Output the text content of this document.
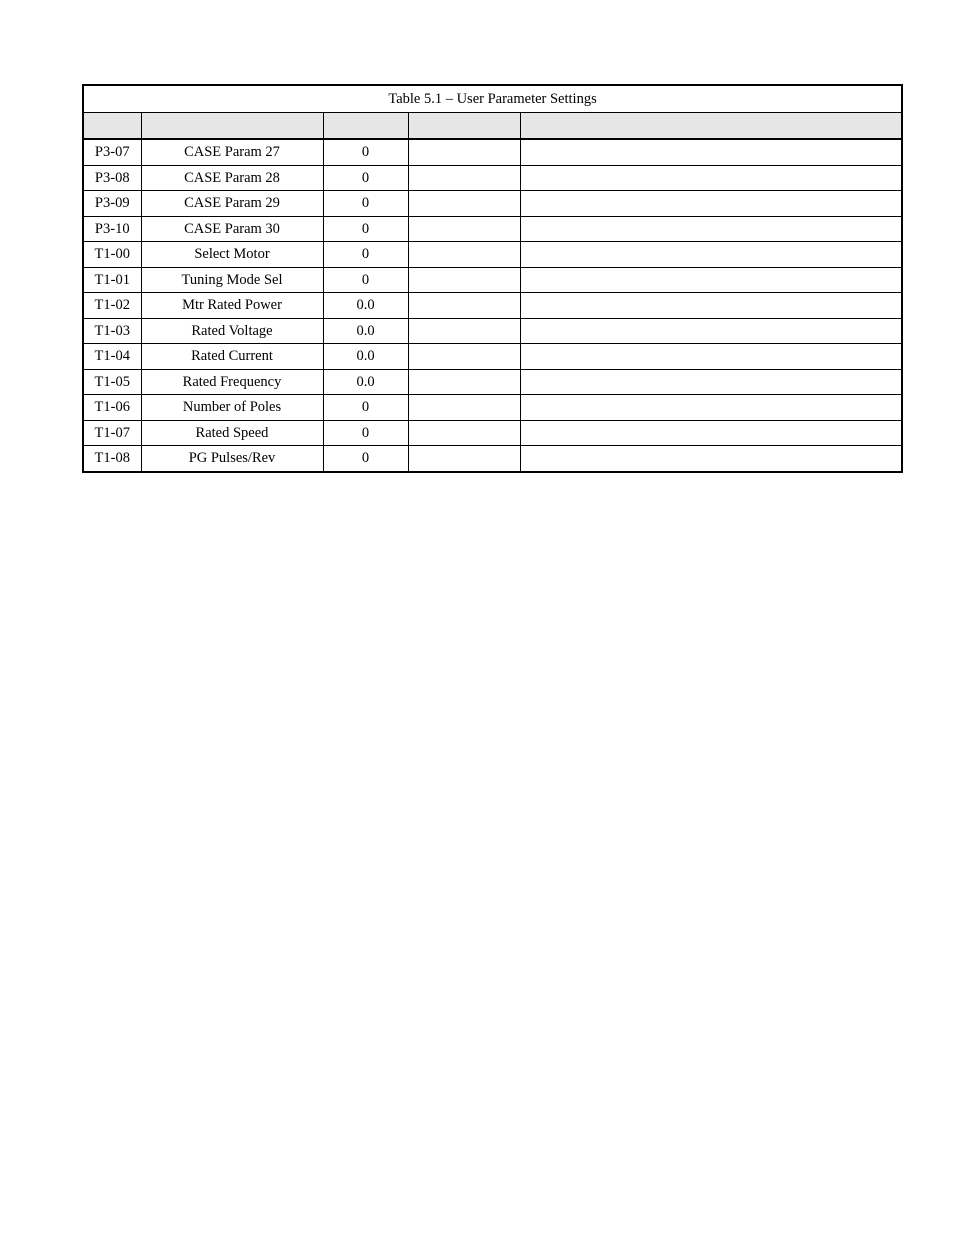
Table 5.1 – User Parameter Settings				

P3-07	CASE Param 27	0		
P3-08	CASE Param 28	0		
P3-09	CASE Param 29	0		
P3-10	CASE Param 30	0		
T1-00	Select Motor	0		
T1-01	Tuning Mode Sel	0		
T1-02	Mtr Rated Power	0.0		
T1-03	Rated Voltage	0.0		
T1-04	Rated Current	0.0		
T1-05	Rated Frequency	0.0		
T1-06	Number of Poles	0		
T1-07	Rated Speed	0		
T1-08	PG Pulses/Rev	0		
